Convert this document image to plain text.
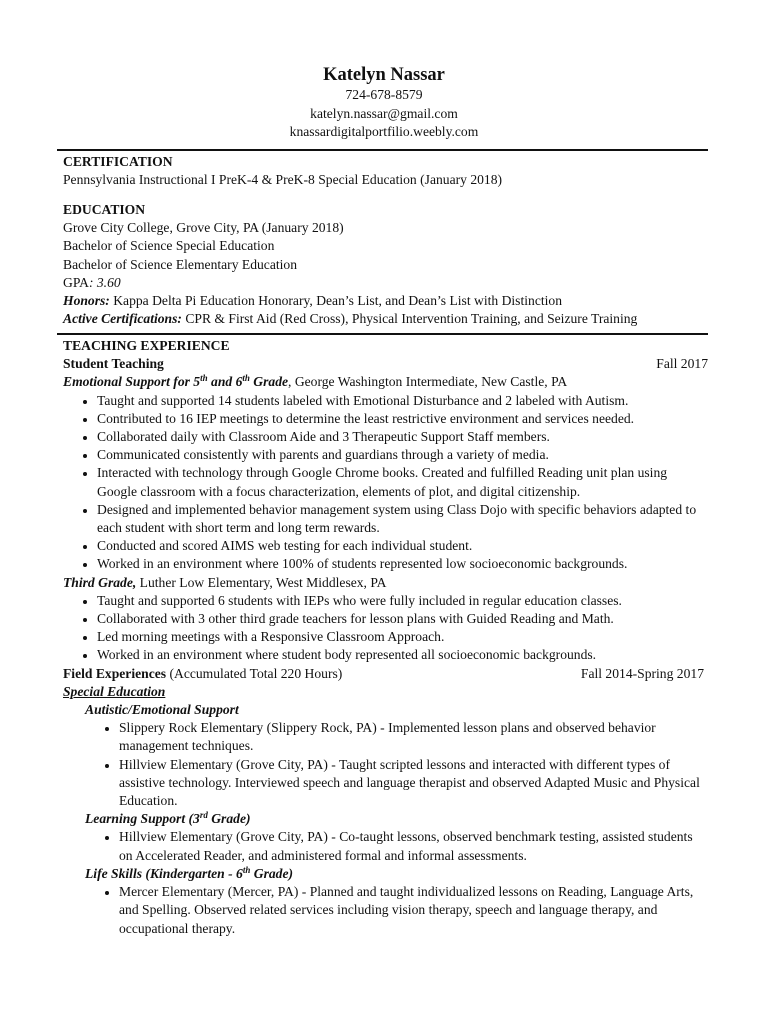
Katelyn Nassar
724-678-8579
katelyn.nassar@gmail.com
knassardigitalportfilio.weebly.com
CERTIFICATION
Pennsylvania Instructional I PreK-4 & PreK-8 Special Education (January 2018)
EDUCATION
Grove City College, Grove City, PA (January 2018)
Bachelor of Science Special Education
Bachelor of Science Elementary Education
GPA: 3.60
Honors: Kappa Delta Pi Education Honorary, Dean’s List, and Dean’s List with Distinction
Active Certifications: CPR & First Aid (Red Cross), Physical Intervention Training, and Seizure Training
TEACHING EXPERIENCE
Student Teaching	Fall 2017
Emotional Support for 5th and 6th Grade, George Washington Intermediate, New Castle, PA
• Taught and supported 14 students labeled with Emotional Disturbance and 2 labeled with Autism.
• Contributed to 16 IEP meetings to determine the least restrictive environment and services needed.
• Collaborated daily with Classroom Aide and 3 Therapeutic Support Staff members.
• Communicated consistently with parents and guardians through a variety of media.
• Interacted with technology through Google Chrome books. Created and fulfilled Reading unit plan using Google classroom with a focus characterization, elements of plot, and digital citizenship.
• Designed and implemented behavior management system using Class Dojo with specific behaviors adapted to each student with short term and long term rewards.
• Conducted and scored AIMS web testing for each individual student.
• Worked in an environment where 100% of students represented low socioeconomic backgrounds.
Third Grade, Luther Low Elementary, West Middlesex, PA
• Taught and supported 6 students with IEPs who were fully included in regular education classes.
• Collaborated with 3 other third grade teachers for lesson plans with Guided Reading and Math.
• Led morning meetings with a Responsive Classroom Approach.
• Worked in an environment where student body represented all socioeconomic backgrounds.
Field Experiences (Accumulated Total 220 Hours)	Fall 2014-Spring 2017
Special Education
Autistic/Emotional Support
• Slippery Rock Elementary (Slippery Rock, PA) - Implemented lesson plans and observed behavior management techniques.
• Hillview Elementary (Grove City, PA) - Taught scripted lessons and interacted with different types of assistive technology. Interviewed speech and language therapist and observed Adapted Music and Physical Education.
Learning Support (3rd Grade)
• Hillview Elementary (Grove City, PA) - Co-taught lessons, observed benchmark testing, assisted students on Accelerated Reader, and administered formal and informal assessments.
Life Skills (Kindergarten - 6th Grade)
• Mercer Elementary (Mercer, PA) - Planned and taught individualized lessons on Reading, Language Arts, and Spelling. Observed related services including vision therapy, speech and language therapy, and occupational therapy.
